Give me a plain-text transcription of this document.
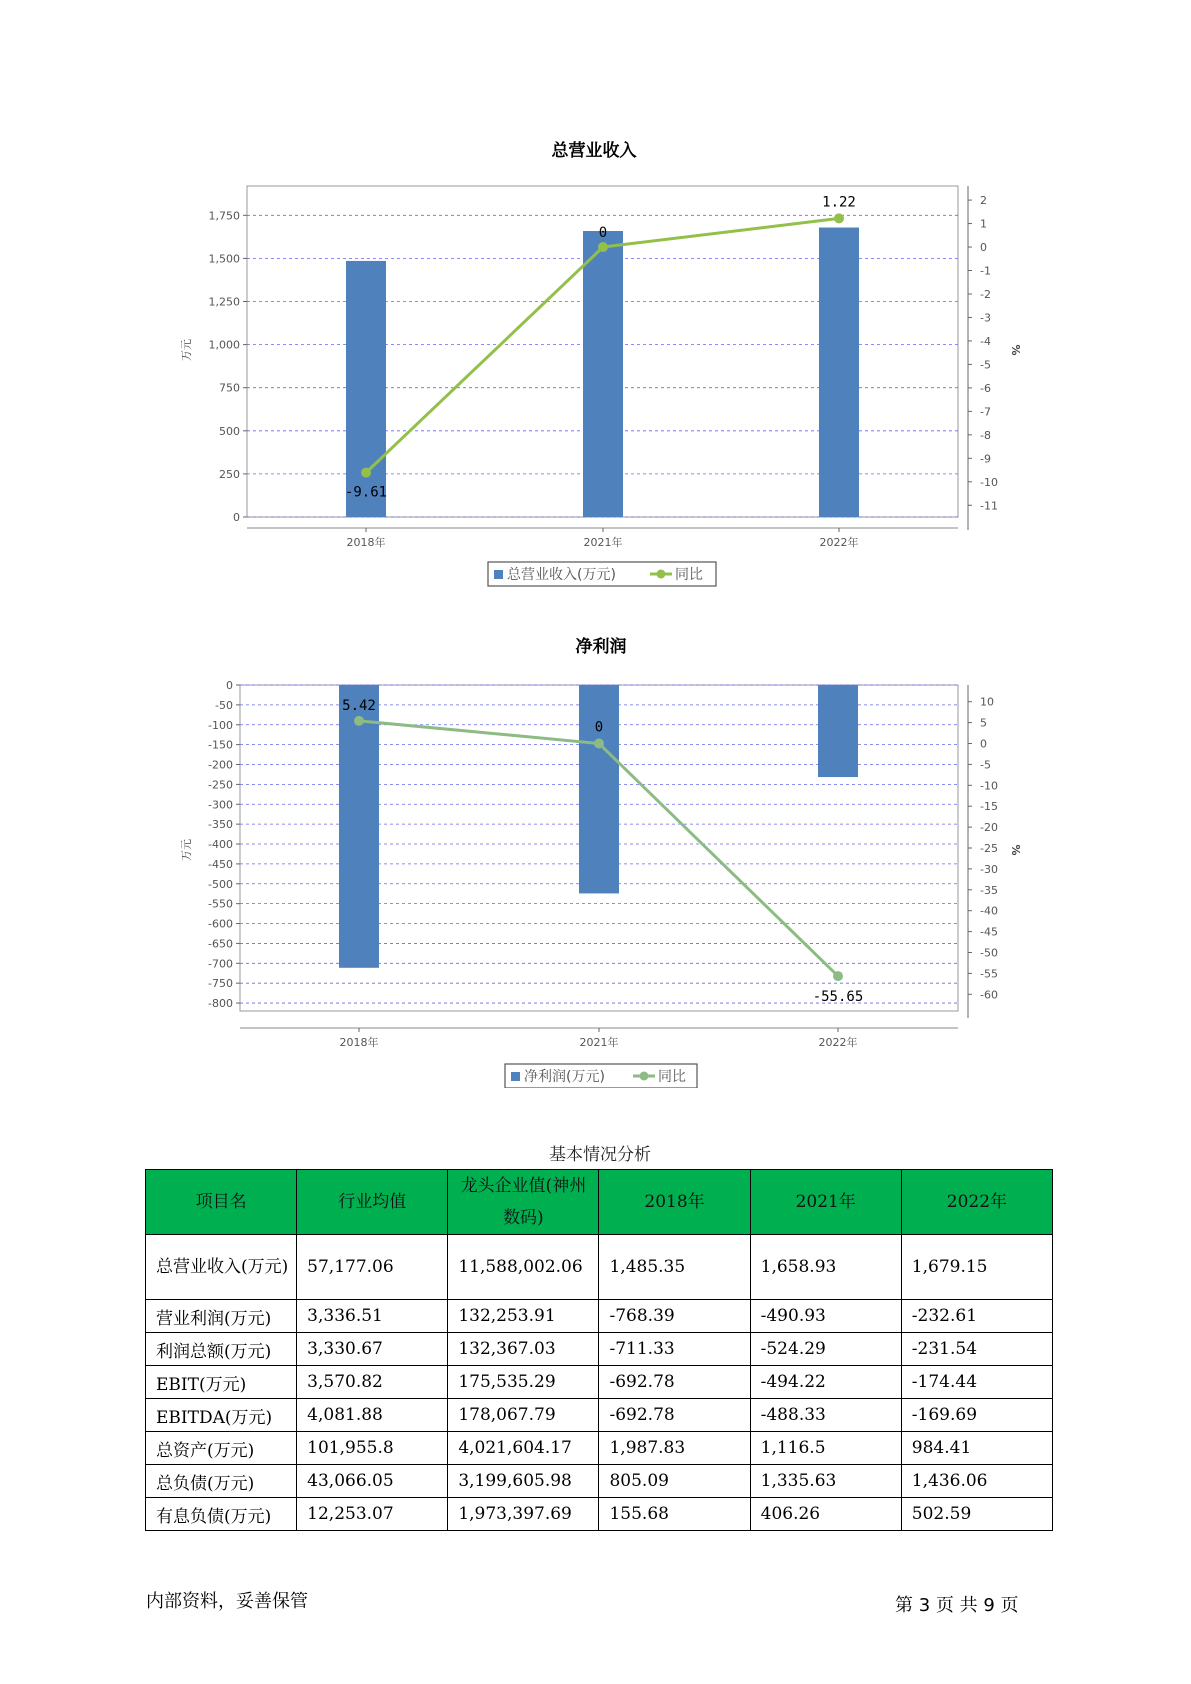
总营业收入
0
250
500
750
1,000
1,250
1,500
1,750
2
1
0
-1
-2
-3
-4
-5
-6
-7
-8
-9
-10
-11
万元	%
2018年	2021年	2022年
-9.61
0
1.22
总营业收入(万元)	同比
净利润
0
-50
-100
-150
-200
-250
-300
-350
-400
-450
-500
-550
-600
-650
-700
-750
-800
10
5
0
-5
-10
-15
-20
-25
-30
-35
-40
-45
-50
-55
-60
万元	%
2018年	2021年	2022年
5.42
0
-55.65
净利润(万元)	同比
基本情况分析
项目名	行业均值	龙头企业值(神州数码)	2018年	2021年	2022年
总营业收入(万元)	57,177.06	11,588,002.06	1,485.35	1,658.93	1,679.15
营业利润(万元)	3,336.51	132,253.91	-768.39	-490.93	-232.61
利润总额(万元)	3,330.67	132,367.03	-711.33	-524.29	-231.54
EBIT(万元)	3,570.82	175,535.29	-692.78	-494.22	-174.44
EBITDA(万元)	4,081.88	178,067.79	-692.78	-488.33	-169.69
总资产(万元)	101,955.8	4,021,604.17	1,987.83	1,116.5	984.41
总负债(万元)	43,066.05	3,199,605.98	805.09	1,335.63	1,436.06
有息负债(万元)	12,253.07	1,973,397.69	155.68	406.26	502.59
内部资料，妥善保管	第 3 页 共 9 页
